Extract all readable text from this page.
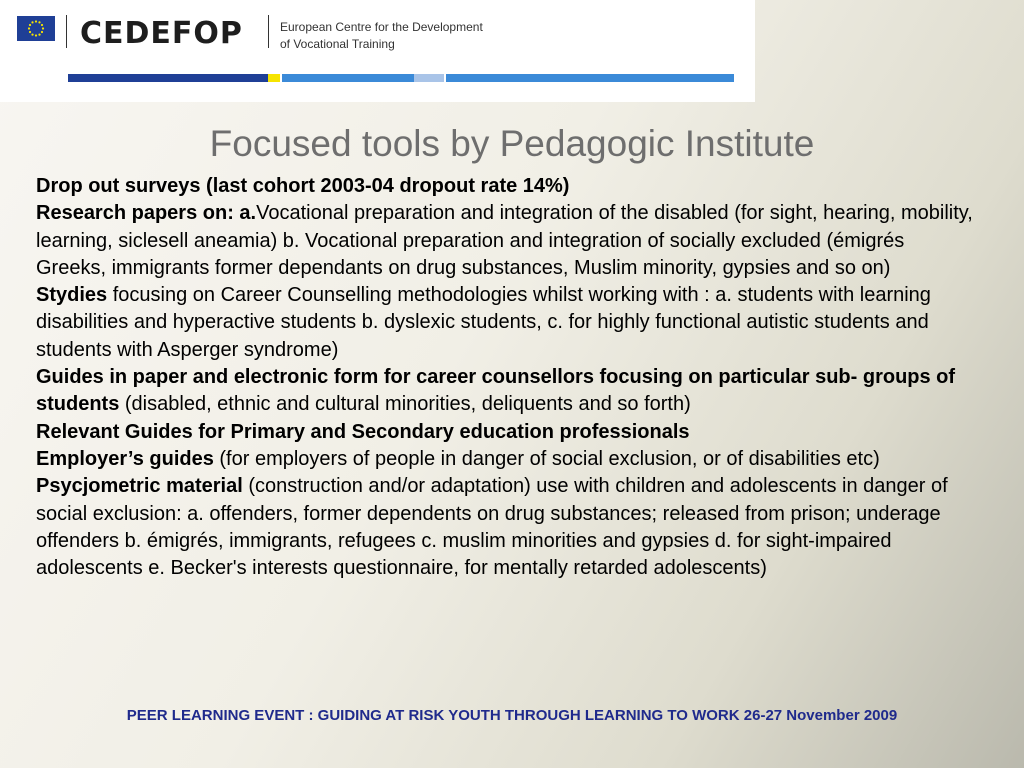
CEDEFOP	European Centre for the Development
of Vocational Training
Focused tools by Pedagogic Institute

Drop out surveys (last cohort 2003-04 dropout rate 14%)

Research papers on: a.Vocational preparation and integration of the disabled (for sight, hearing, mobility, learning, siclesell aneamia) b. Vocational preparation and integration of socially excluded (émigrés Greeks, immigrants former dependants on drug substances, Muslim minority, gypsies and so on)

Stydies focusing on Career Counselling methodologies whilst working with : a. students with learning disabilities and hyperactive students b. dyslexic students, c. for highly functional autistic students and students with Asperger syndrome)

Guides in paper and electronic form for career counsellors focusing on particular sub- groups of students (disabled, ethnic and cultural minorities, deliquents and so forth)

Relevant Guides for Primary and Secondary education professionals

Employer’s guides (for employers of people in danger of social exclusion, or of disabilities etc)

Psycjometric material (construction and/or adaptation) use with children and adolescents in danger of social exclusion: a. offenders, former dependents on drug substances; released from prison; underage offenders b. émigrés, immigrants, refugees c. muslim minorities and gypsies d. for sight-impaired adolescents e. Becker's interests questionnaire, for mentally retarded adolescents)

PEER LEARNING EVENT : GUIDING AT RISK YOUTH THROUGH LEARNING TO WORK 26-27 November 2009
